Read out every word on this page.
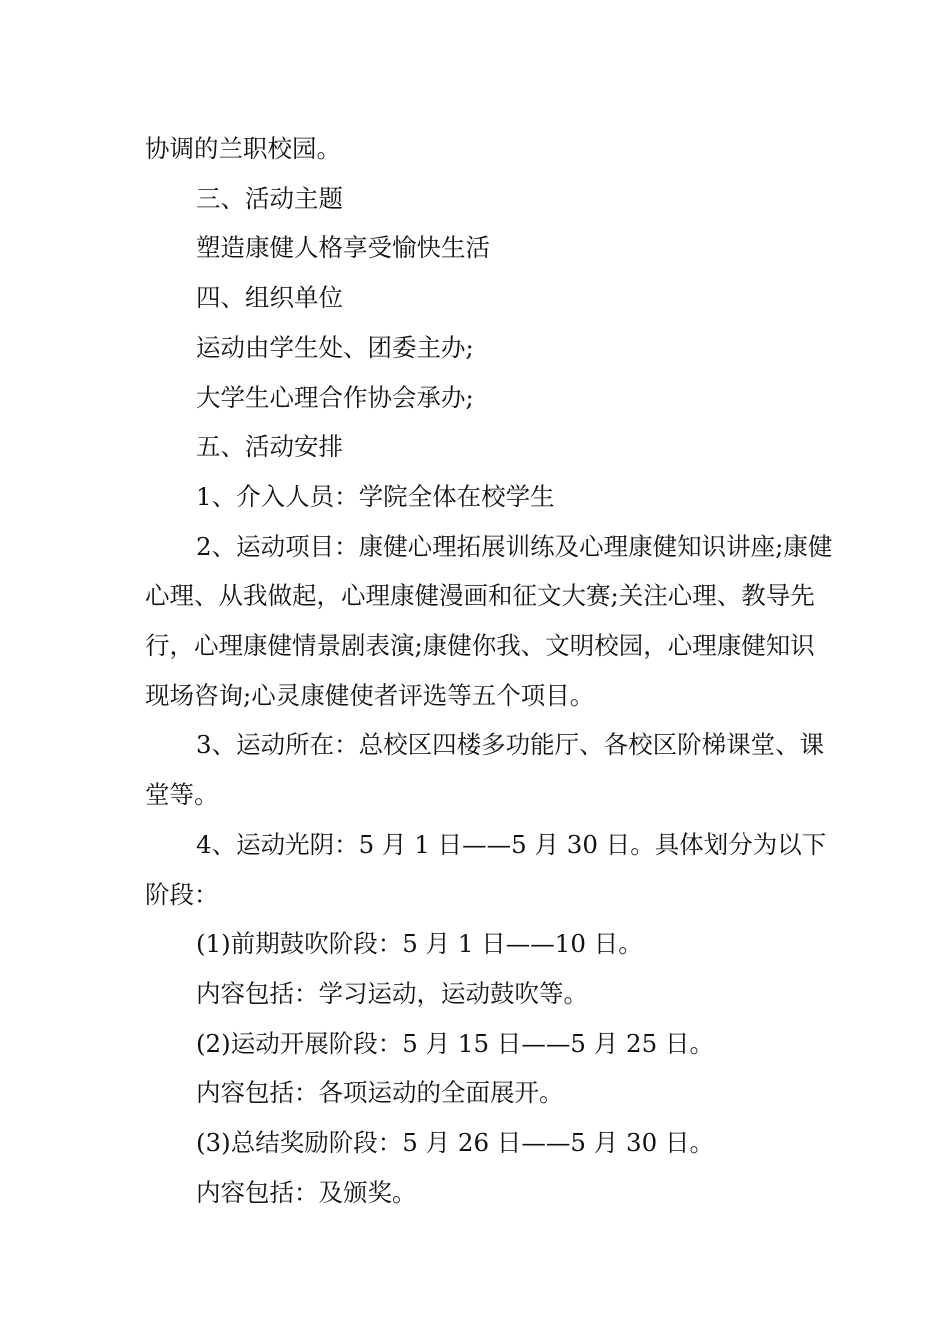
协调的兰职校园。

三、活动主题

塑造康健人格享受愉快生活

四、组织单位

运动由学生处、团委主办;

大学生心理合作协会承办;

五、活动安排

1、介入人员：学院全体在校学生

2、运动项目：康健心理拓展训练及心理康健知识讲座;康健心理、从我做起，心理康健漫画和征文大赛;关注心理、教导先行，心理康健情景剧表演;康健你我、文明校园，心理康健知识现场咨询;心灵康健使者评选等五个项目。

3、运动所在：总校区四楼多功能厅、各校区阶梯课堂、课堂等。

4、运动光阴：5 月 1 日——5 月 30 日。具体划分为以下阶段：

(1)前期鼓吹阶段：5 月 1 日——10 日。

内容包括：学习运动，运动鼓吹等。

(2)运动开展阶段：5 月 15 日——5 月 25 日。

内容包括：各项运动的全面展开。

(3)总结奖励阶段：5 月 26 日——5 月 30 日。

内容包括：及颁奖。
